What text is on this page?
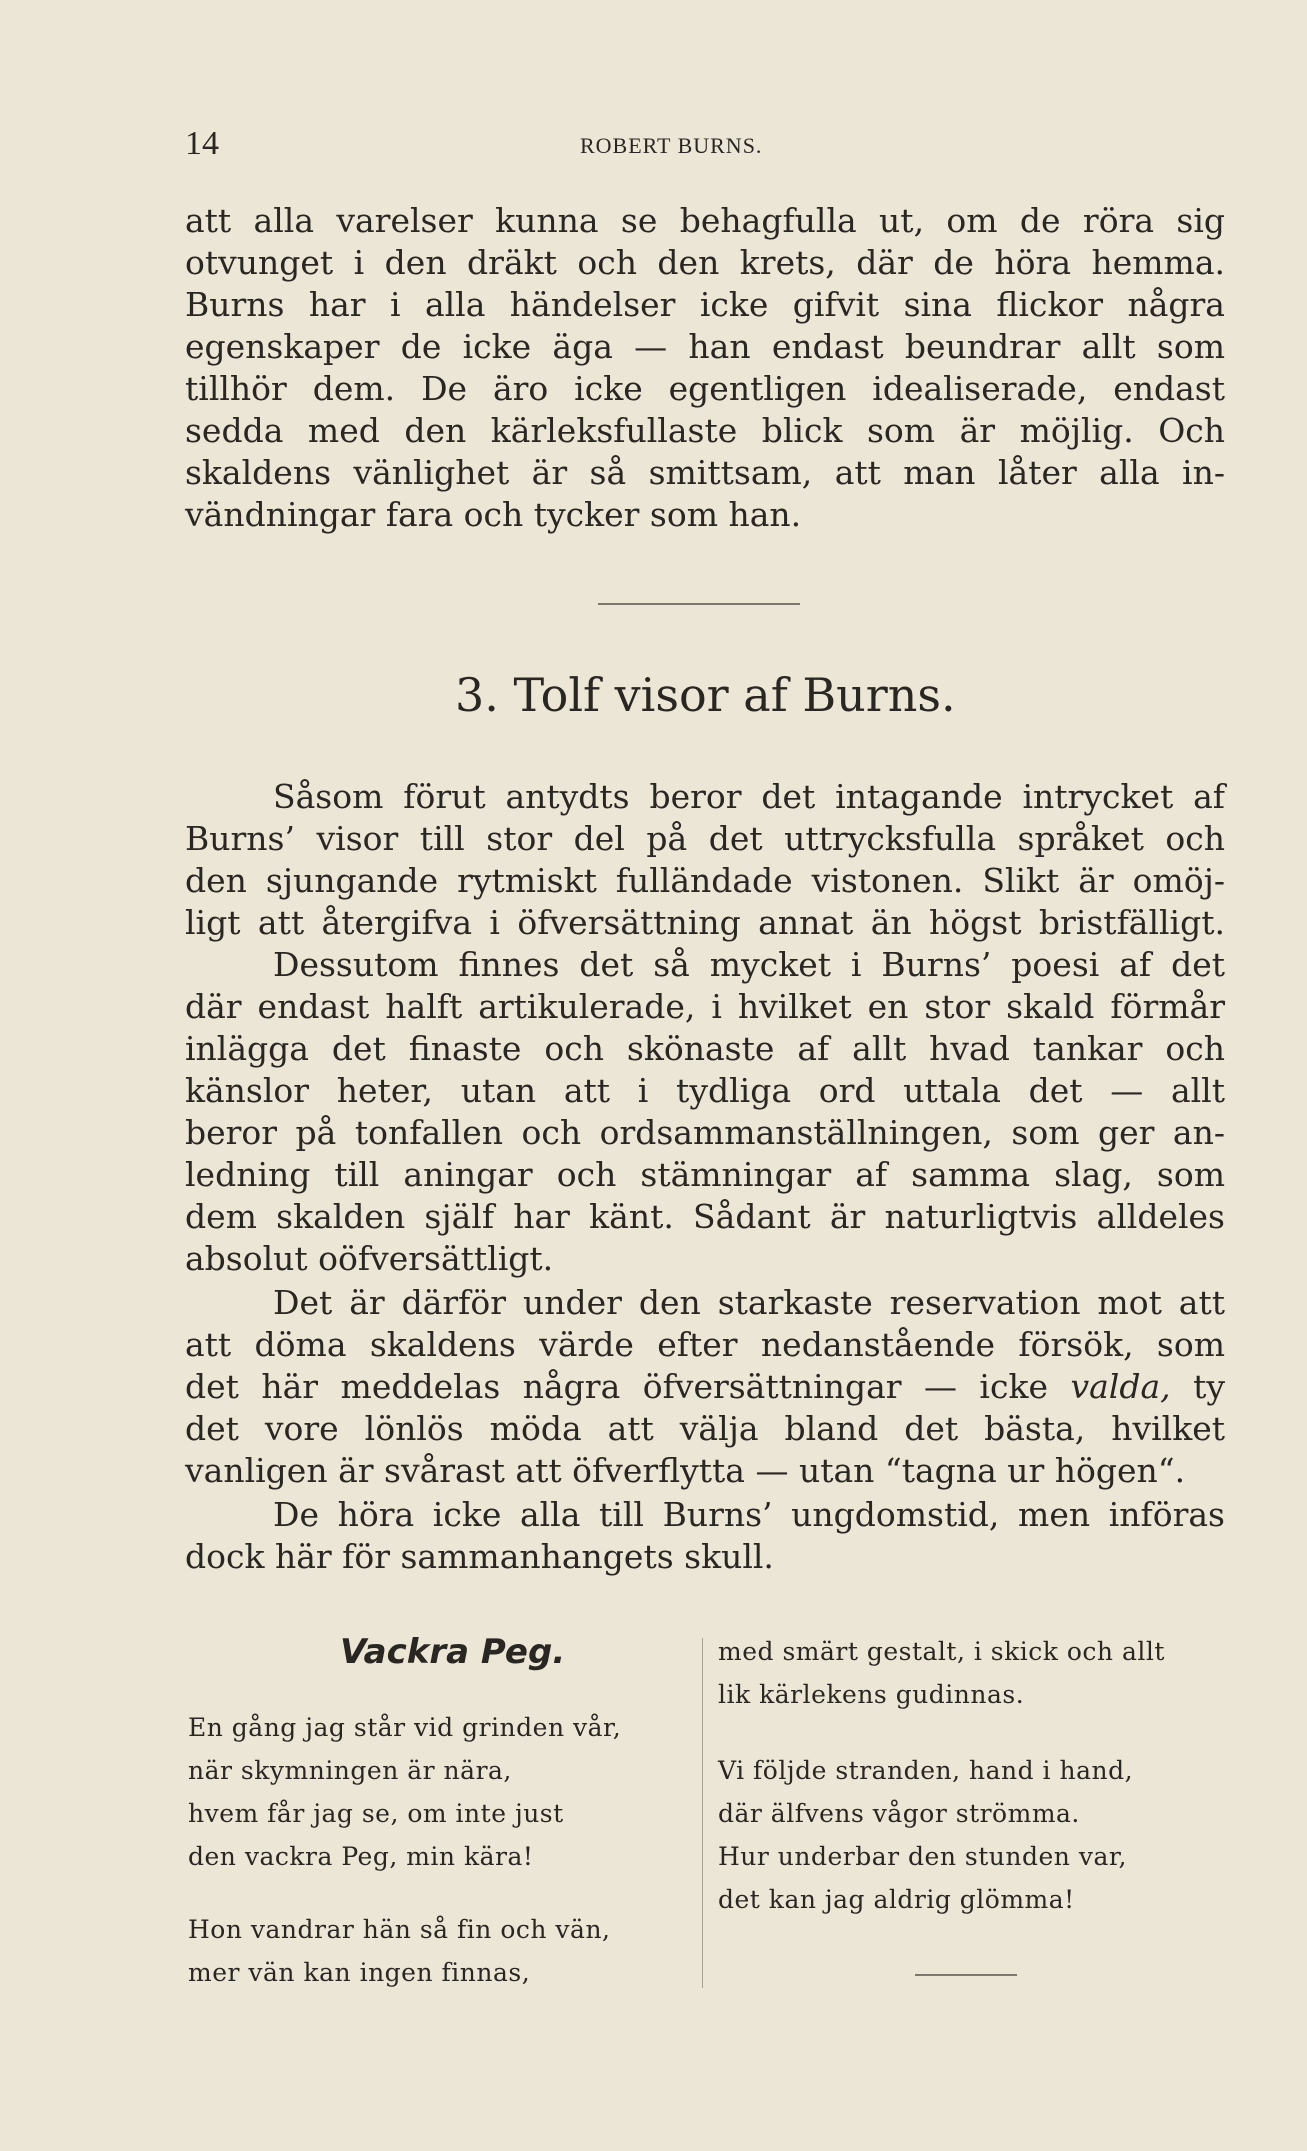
14	ROBERT BURNS.
att alla varelser kunna se behagfulla ut, om de röra sig
otvunget i den dräkt och den krets, där de höra hemma.
Burns har i alla händelser icke gifvit sina flickor några
egenskaper de icke äga — han endast beundrar allt som
tillhör dem. De äro icke egentligen idealiserade, endast
sedda med den kärleksfullaste blick som är möjlig. Och
skaldens vänlighet är så smittsam, att man låter alla in-
vändningar fara och tycker som han.
3. Tolf visor af Burns.
Såsom förut antydts beror det intagande intrycket af
Burns’ visor till stor del på det uttrycksfulla språket och
den sjungande rytmiskt fulländade vistonen. Slikt är omöj-
ligt att återgifva i öfversättning annat än högst bristfälligt.
Dessutom finnes det så mycket i Burns’ poesi af det
där endast halft artikulerade, i hvilket en stor skald förmår
inlägga det finaste och skönaste af allt hvad tankar och
känslor heter, utan att i tydliga ord uttala det — allt
beror på tonfallen och ordsammanställningen, som ger an-
ledning till aningar och stämningar af samma slag, som
dem skalden själf har känt. Sådant är naturligtvis alldeles
absolut oöfversättligt.
Det är därför under den starkaste reservation mot att
att döma skaldens värde efter nedanstående försök, som
det här meddelas några öfversättningar — icke valda, ty
det vore lönlös möda att välja bland det bästa, hvilket
vanligen är svårast att öfverflytta — utan “tagna ur högen“.
De höra icke alla till Burns’ ungdomstid, men införas
dock här för sammanhangets skull.
Vackra Peg.
En gång jag står vid grinden vår,
när skymningen är nära,
hvem får jag se, om inte just
den vackra Peg, min kära!
Hon vandrar hän så fin och vän,
mer vän kan ingen finnas,
med smärt gestalt, i skick och allt
lik kärlekens gudinnas.
Vi följde stranden, hand i hand,
där älfvens vågor strömma.
Hur underbar den stunden var,
det kan jag aldrig glömma!
